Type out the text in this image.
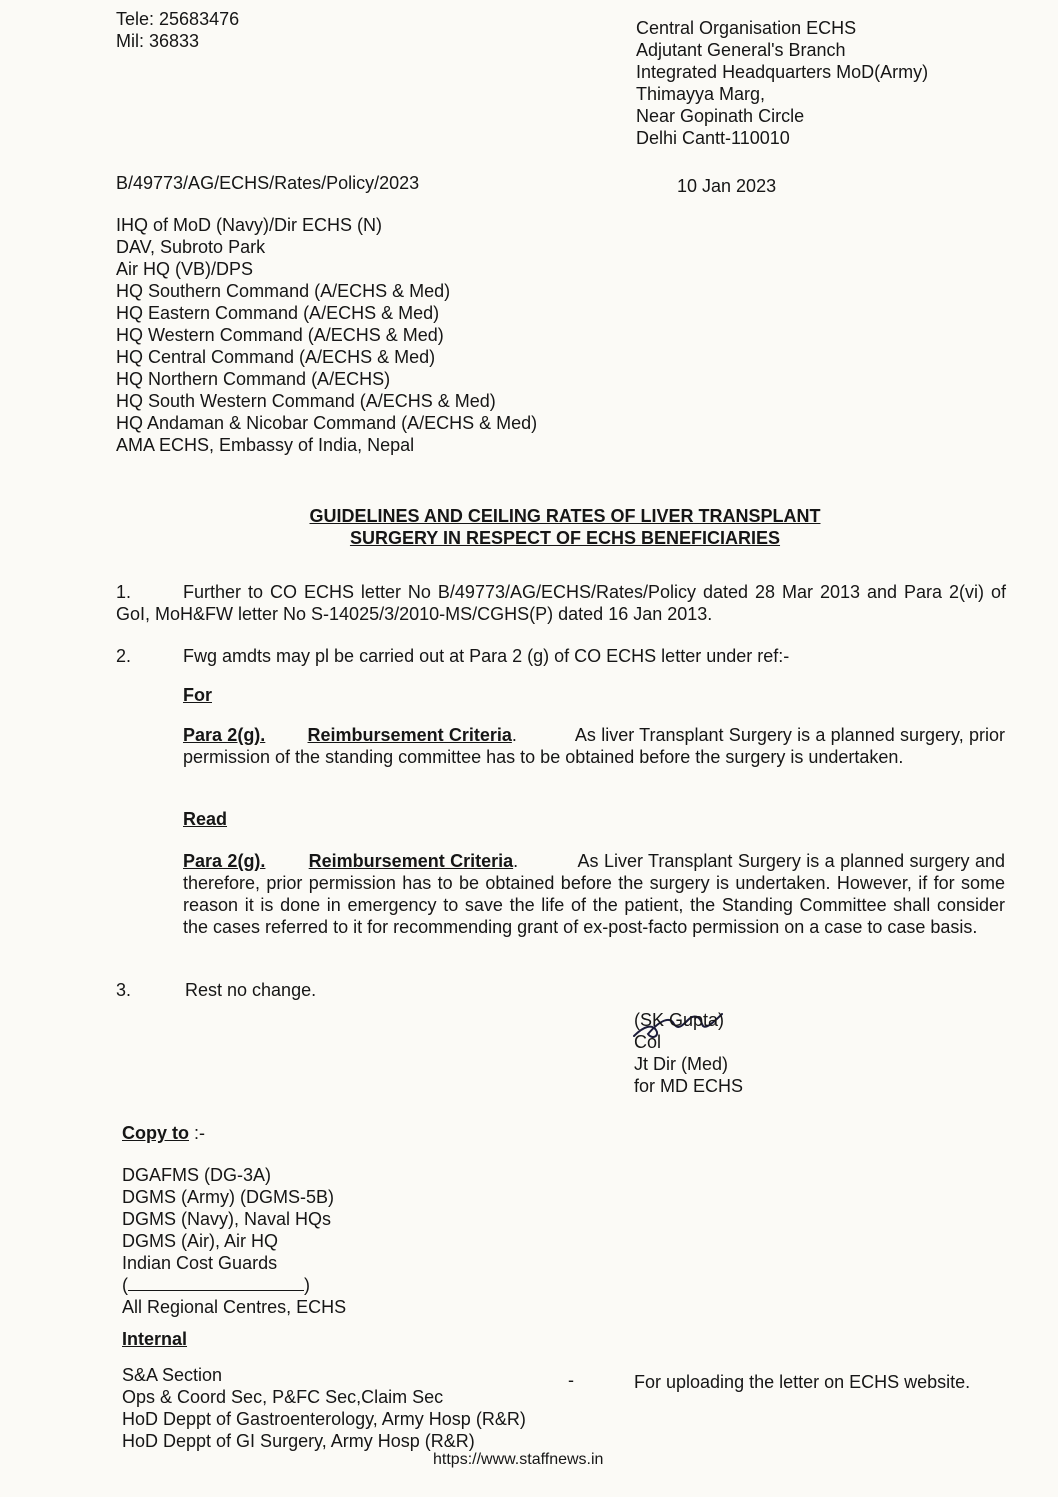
Tele: 25683476
Mil: 36833
Central Organisation ECHS
Adjutant General's Branch
Integrated Headquarters MoD(Army)
Thimayya Marg,
Near Gopinath Circle
Delhi Cantt-110010
B/49773/AG/ECHS/Rates/Policy/2023	10 Jan 2023
IHQ of MoD (Navy)/Dir ECHS (N)
DAV, Subroto Park
Air HQ (VB)/DPS
HQ Southern Command (A/ECHS & Med)
HQ Eastern Command (A/ECHS & Med)
HQ Western Command (A/ECHS & Med)
HQ Central Command (A/ECHS & Med)
HQ Northern Command (A/ECHS)
HQ South Western Command (A/ECHS & Med)
HQ Andaman & Nicobar Command (A/ECHS & Med)
AMA ECHS, Embassy of India, Nepal
GUIDELINES AND CEILING RATES OF LIVER TRANSPLANT
SURGERY IN RESPECT OF ECHS BENEFICIARIES
1.	Further to CO ECHS letter No B/49773/AG/ECHS/Rates/Policy dated 28 Mar 2013 and Para 2(vi) of GoI, MoH&FW letter No S-14025/3/2010-MS/CGHS(P) dated 16 Jan 2013.
2.	Fwg amdts may pl be carried out at Para 2 (g) of CO ECHS letter under ref:-
For
Para 2(g). Reimbursement Criteria.           As liver Transplant Surgery is a planned surgery, prior permission of the standing committee has to be obtained before the surgery is undertaken.
Read
Para 2(g). Reimbursement Criteria.           As Liver Transplant Surgery is a planned surgery and therefore, prior permission has to be obtained before the surgery is undertaken. However, if for some reason it is done in emergency to save the life of the patient, the Standing Committee shall consider the cases referred to it for recommending grant of ex-post-facto permission on a case to case basis.
3.	Rest no change.
(SK Gupta)
Col
Jt Dir (Med)
for MD ECHS
Copy to :-
DGAFMS (DG-3A)
DGMS (Army) (DGMS-5B)
DGMS (Navy), Naval HQs
DGMS (Air), Air HQ
Indian Cost Guards
(	)
All Regional Centres, ECHS
Internal
S&A Section
Ops & Coord Sec, P&FC Sec,Claim Sec
HoD Deppt of Gastroenterology, Army Hosp (R&R)
HoD Deppt of GI Surgery, Army Hosp (R&R)
-	For uploading the letter on ECHS website.
https://www.staffnews.in
